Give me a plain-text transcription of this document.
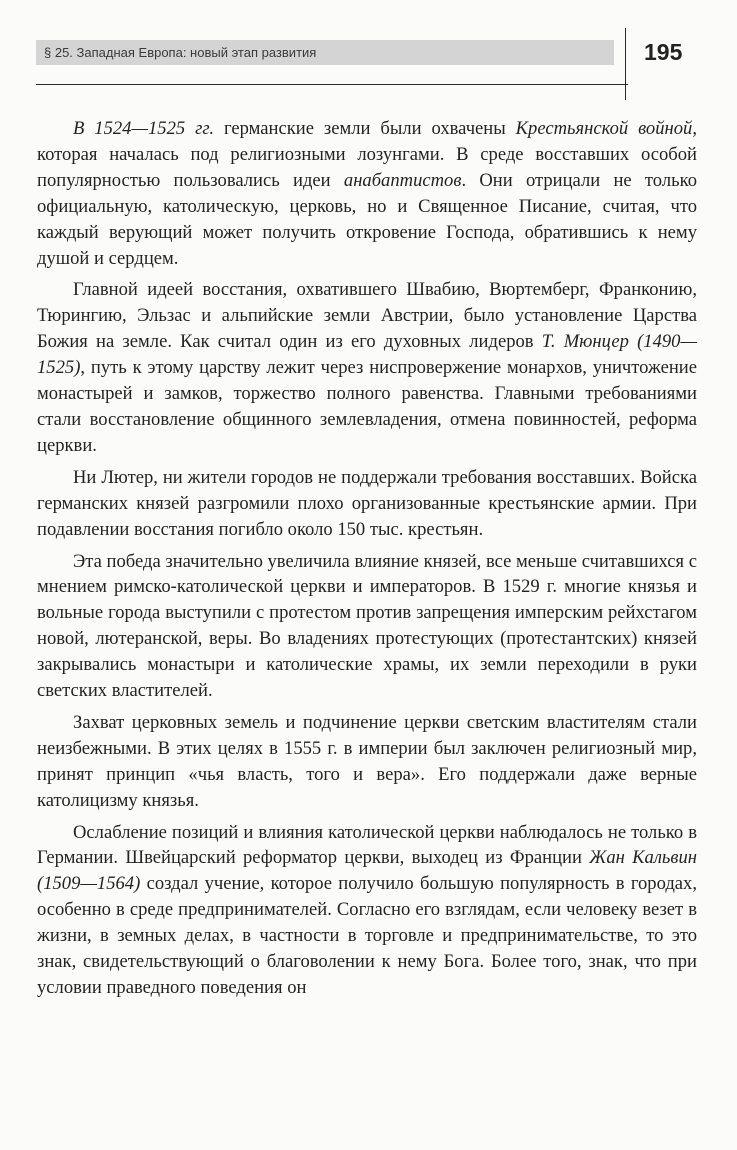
§ 25. Западная Европа: новый этап развития	195

В 1524—1525 гг. германские земли были охвачены Крестьянской войной, которая началась под религиозными лозунгами. В среде восставших особой популярностью пользовались идеи анабаптистов. Они отрицали не только официальную, католическую, церковь, но и Священное Писание, считая, что каждый верующий может получить откровение Господа, обратившись к нему душой и сердцем.

Главной идеей восстания, охватившего Швабию, Вюртемберг, Франконию, Тюрингию, Эльзас и альпийские земли Австрии, было установление Царства Божия на земле. Как считал один из его духовных лидеров Т. Мюнцер (1490—1525), путь к этому царству лежит через ниспровержение монархов, уничтожение монастырей и замков, торжество полного равенства. Главными требованиями стали восстановление общинного землевладения, отмена повинностей, реформа церкви.

Ни Лютер, ни жители городов не поддержали требования восставших. Войска германских князей разгромили плохо организованные крестьянские армии. При подавлении восстания погибло около 150 тыс. крестьян.

Эта победа значительно увеличила влияние князей, все меньше считавшихся с мнением римско-католической церкви и императоров. В 1529 г. многие князья и вольные города выступили с протестом против запрещения имперским рейхстагом новой, лютеранской, веры. Во владениях протестующих (протестантских) князей закрывались монастыри и католические храмы, их земли переходили в руки светских властителей.

Захват церковных земель и подчинение церкви светским властителям стали неизбежными. В этих целях в 1555 г. в империи был заключен религиозный мир, принят принцип «чья власть, того и вера». Его поддержали даже верные католицизму князья.

Ослабление позиций и влияния католической церкви наблюдалось не только в Германии. Швейцарский реформатор церкви, выходец из Франции Жан Кальвин (1509—1564) создал учение, которое получило большую популярность в городах, особенно в среде предпринимателей. Согласно его взглядам, если человеку везет в жизни, в земных делах, в частности в торговле и предпринимательстве, то это знак, свидетельствующий о благоволении к нему Бога. Более того, знак, что при условии праведного поведения он
